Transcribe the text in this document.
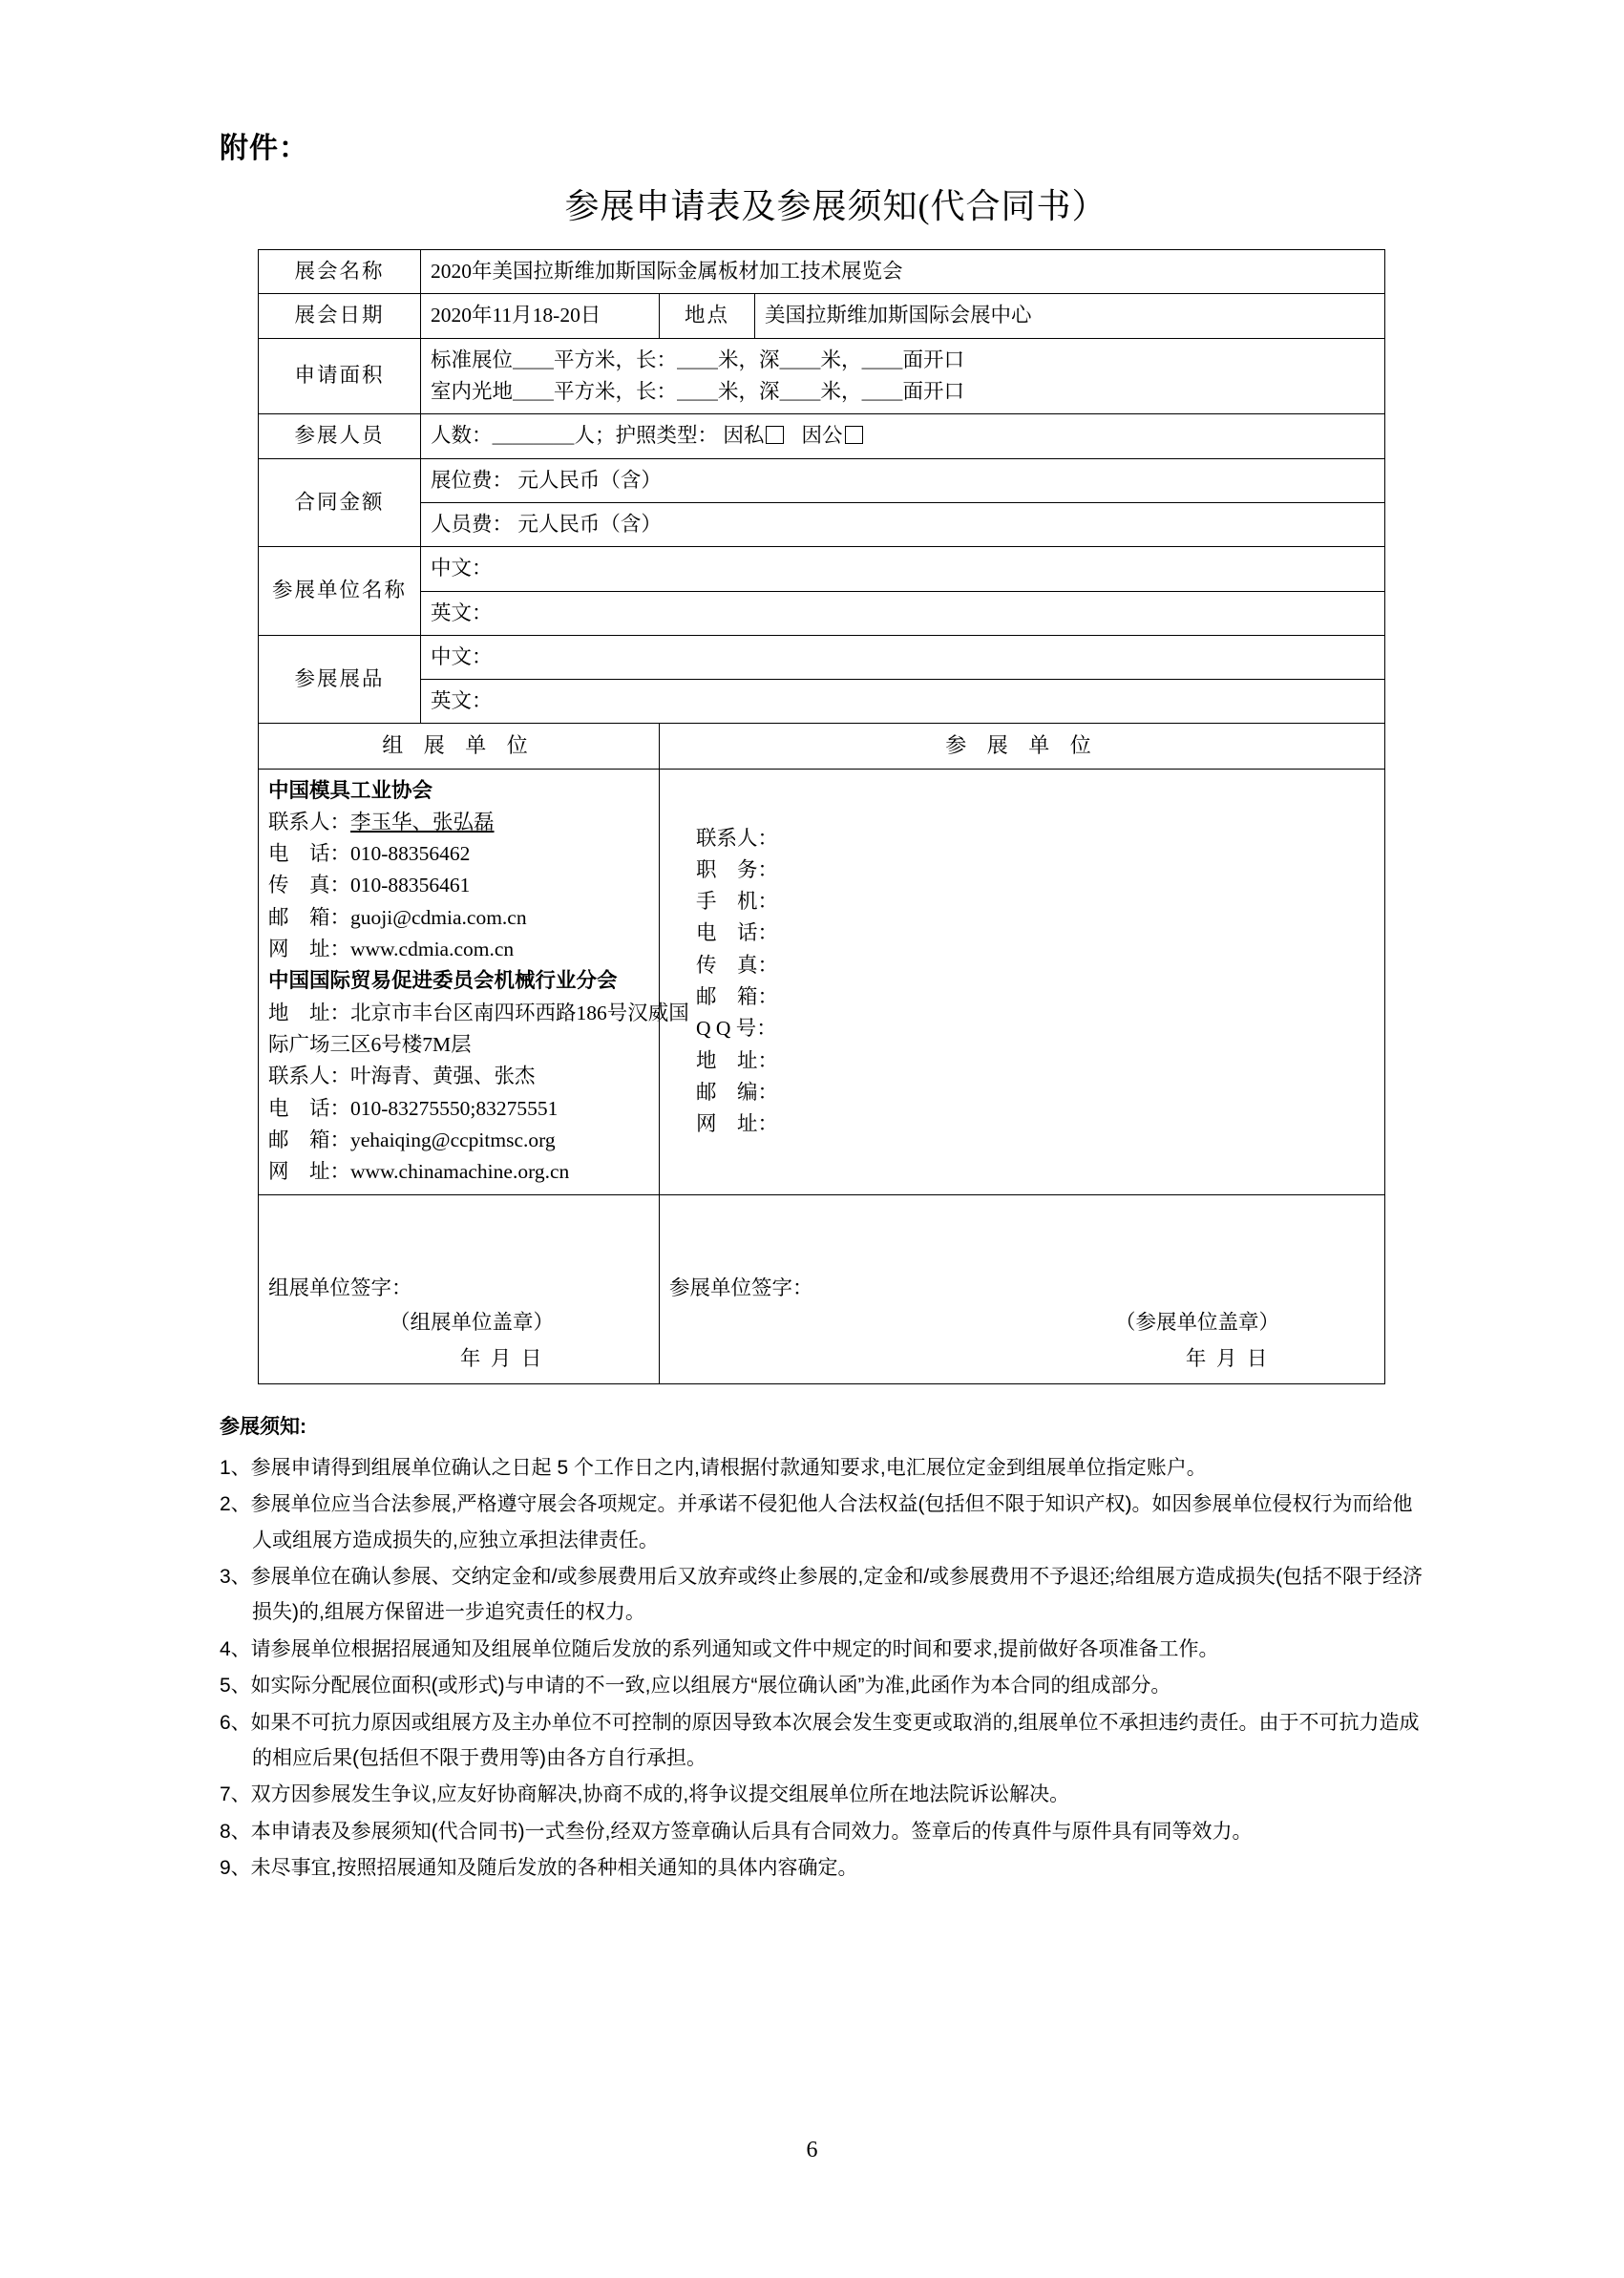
附件：
参展申请表及参展须知(代合同书）
展会名称	2020年美国拉斯维加斯国际金属板材加工技术展览会		
展会日期	2020年11月18-20日	地点	美国拉斯维加斯国际会展中心
申请面积	标准展位＿＿平方米，长：＿＿米，深＿＿米，＿＿面开口
室内光地＿＿平方米，长：＿＿米，深＿＿米，＿＿面开口		

参展人员	人数：＿＿＿＿人；护照类型： 因私 因公		
合同金额	展位费： 元人民币（含）		
	人员费： 元人民币（含）		
参展单位名称	中文：		
	英文：		
参展展品	中文：		
	英文：		
组 展 单 位		参 展 单 位	

中国模具工业协会
联系人：李玉华、张弘磊
电　话：010-88356462
传　真：010-88356461
邮　箱：guoji@cdmia.com.cn
网　址：www.cdmia.com.cn
中国国际贸易促进委员会机械行业分会
地　址：北京市丰台区南四环西路186号汉威国
际广场三区6号楼7M层
联系人：叶海青、黄强、张杰
电　话：010-83275550;83275551
邮　箱：yehaiqing@ccpitmsc.org
网　址：www.chinamachine.org.cn

联系人：
职　务：
手　机：
电　话：
传　真：
邮　箱：
Q Q 号：
地　址：
邮　编：
网　址：

组展单位签字：
（组展单位盖章）
年 月 日

参展单位签字：
（参展单位盖章）
年 月 日
参展须知:
1、参展申请得到组展单位确认之日起 5 个工作日之内,请根据付款通知要求,电汇展位定金到组展单位指定账户。
2、参展单位应当合法参展,严格遵守展会各项规定。并承诺不侵犯他人合法权益(包括但不限于知识产权)。如因参展单位侵权行为而给他人或组展方造成损失的,应独立承担法律责任。
3、参展单位在确认参展、交纳定金和/或参展费用后又放弃或终止参展的,定金和/或参展费用不予退还;给组展方造成损失(包括不限于经济损失)的,组展方保留进一步追究责任的权力。
4、请参展单位根据招展通知及组展单位随后发放的系列通知或文件中规定的时间和要求,提前做好各项准备工作。
5、如实际分配展位面积(或形式)与申请的不一致,应以组展方“展位确认函”为准,此函作为本合同的组成部分。
6、如果不可抗力原因或组展方及主办单位不可控制的原因导致本次展会发生变更或取消的,组展单位不承担违约责任。由于不可抗力造成的相应后果(包括但不限于费用等)由各方自行承担。
7、双方因参展发生争议,应友好协商解决,协商不成的,将争议提交组展单位所在地法院诉讼解决。
8、本申请表及参展须知(代合同书)一式叁份,经双方签章确认后具有合同效力。签章后的传真件与原件具有同等效力。
9、未尽事宜,按照招展通知及随后发放的各种相关通知的具体内容确定。
6
